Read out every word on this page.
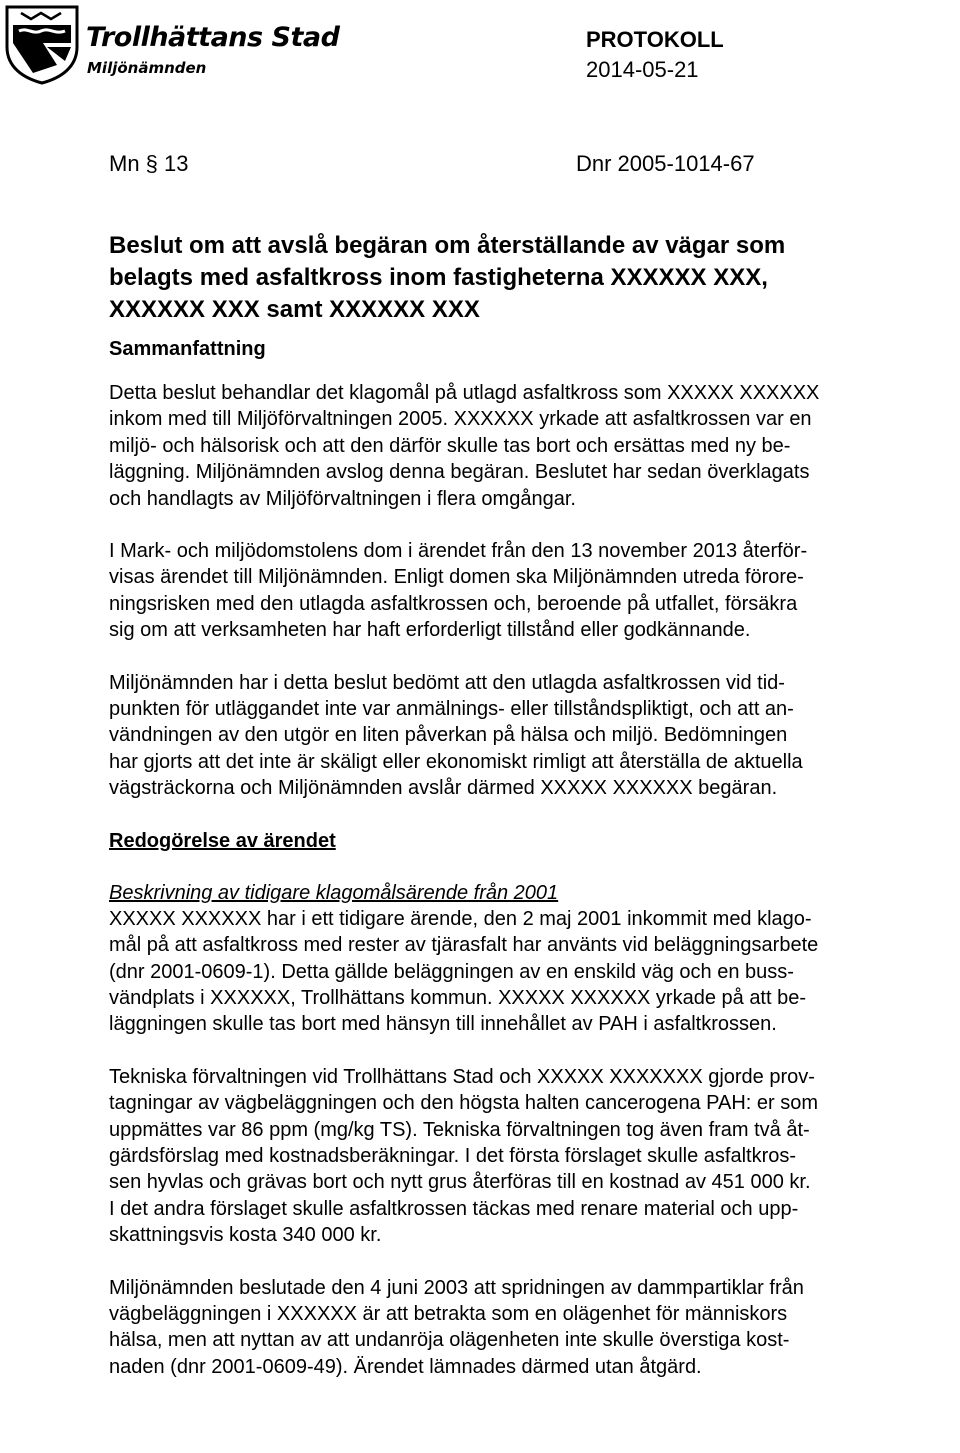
Trollhättans Stad
Miljönämnden
PROTOKOLL
2014-05-21
Mn § 13	Dnr 2005-1014-67
Beslut om att avslå begäran om återställande av vägar som
belagts med asfaltkross inom fastigheterna XXXXXX XXX,
XXXXXX XXX samt XXXXXX XXX
Sammanfattning
Detta beslut behandlar det klagomål på utlagd asfaltkross som XXXXX XXXXXX
inkom med till Miljöförvaltningen 2005. XXXXXX yrkade att asfaltkrossen var en
miljö- och hälsorisk och att den därför skulle tas bort och ersättas med ny be-
läggning. Miljönämnden avslog denna begäran. Beslutet har sedan överklagats
och handlagts av Miljöförvaltningen i flera omgångar.
I Mark- och miljödomstolens dom i ärendet från den 13 november 2013 återför-
visas ärendet till Miljönämnden. Enligt domen ska Miljönämnden utreda förore-
ningsrisken med den utlagda asfaltkrossen och, beroende på utfallet, försäkra
sig om att verksamheten har haft erforderligt tillstånd eller godkännande.
Miljönämnden har i detta beslut bedömt att den utlagda asfaltkrossen vid tid-
punkten för utläggandet inte var anmälnings- eller tillståndspliktigt, och att an-
vändningen av den utgör en liten påverkan på hälsa och miljö. Bedömningen
har gjorts att det inte är skäligt eller ekonomiskt rimligt att återställa de aktuella
vägsträckorna och Miljönämnden avslår därmed XXXXX XXXXXX begäran.
Redogörelse av ärendet
Beskrivning av tidigare klagomålsärende från 2001
XXXXX XXXXXX har i ett tidigare ärende, den 2 maj 2001 inkommit med klago-
mål på att asfaltkross med rester av tjärasfalt har använts vid beläggningsarbete
(dnr 2001-0609-1). Detta gällde beläggningen av en enskild väg och en buss-
vändplats i XXXXXX, Trollhättans kommun. XXXXX XXXXXX yrkade på att be-
läggningen skulle tas bort med hänsyn till innehållet av PAH i asfaltkrossen.
Tekniska förvaltningen vid Trollhättans Stad och XXXXX XXXXXXX gjorde prov-
tagningar av vägbeläggningen och den högsta halten cancerogena PAH: er som
uppmättes var 86 ppm (mg/kg TS). Tekniska förvaltningen tog även fram två åt-
gärdsförslag med kostnadsberäkningar. I det första förslaget skulle asfaltkros-
sen hyvlas och grävas bort och nytt grus återföras till en kostnad av 451 000 kr.
I det andra förslaget skulle asfaltkrossen täckas med renare material och upp-
skattningsvis kosta 340 000 kr.
Miljönämnden beslutade den 4 juni 2003 att spridningen av dammpartiklar från
vägbeläggningen i XXXXXX är att betrakta som en olägenhet för människors
hälsa, men att nyttan av att undanröja olägenheten inte skulle överstiga kost-
naden (dnr 2001-0609-49). Ärendet lämnades därmed utan åtgärd.
